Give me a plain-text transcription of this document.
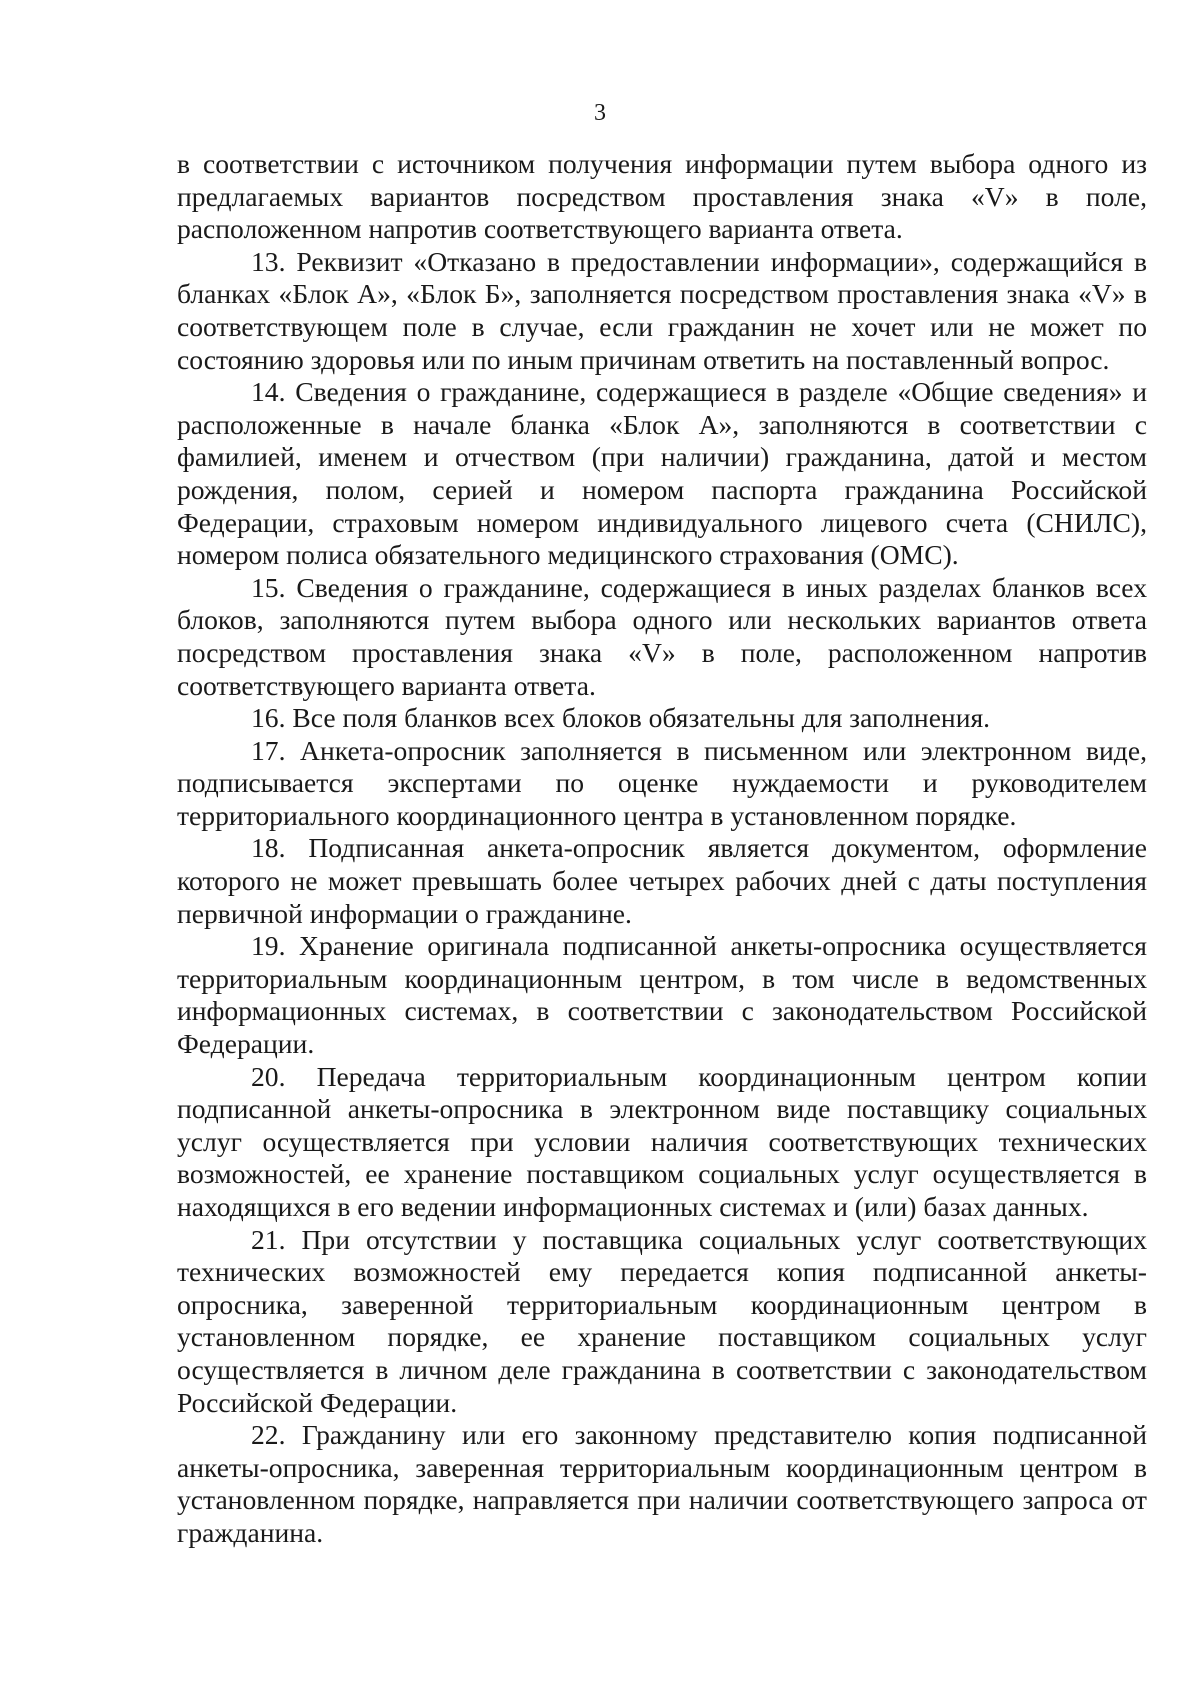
3

в соответствии с источником получения информации путем выбора одного из предлагаемых вариантов посредством проставления знака «V» в поле, расположенном напротив соответствующего варианта ответа.

13. Реквизит «Отказано в предоставлении информации», содержащийся в бланках «Блок А», «Блок Б», заполняется посредством проставления знака «V» в соответствующем поле в случае, если гражданин не хочет или не может по состоянию здоровья или по иным причинам ответить на поставленный вопрос.

14. Сведения о гражданине, содержащиеся в разделе «Общие сведения» и расположенные в начале бланка «Блок А», заполняются в соответствии с фамилией, именем и отчеством (при наличии) гражданина, датой и местом рождения, полом, серией и номером паспорта гражданина Российской Федерации, страховым номером индивидуального лицевого счета (СНИЛС), номером полиса обязательного медицинского страхования (ОМС).

15. Сведения о гражданине, содержащиеся в иных разделах бланков всех блоков, заполняются путем выбора одного или нескольких вариантов ответа посредством проставления знака «V» в поле, расположенном напротив соответствующего варианта ответа.

16. Все поля бланков всех блоков обязательны для заполнения.

17. Анкета-опросник заполняется в письменном или электронном виде, подписывается экспертами по оценке нуждаемости и руководителем территориального координационного центра в установленном порядке.

18. Подписанная анкета-опросник является документом, оформление которого не может превышать более четырех рабочих дней с даты поступления первичной информации о гражданине.

19. Хранение оригинала подписанной анкеты-опросника осуществляется территориальным координационным центром, в том числе в ведомственных информационных системах, в соответствии с законодательством Российской Федерации.

20. Передача территориальным координационным центром копии подписанной анкеты-опросника в электронном виде поставщику социальных услуг осуществляется при условии наличия соответствующих технических возможностей, ее хранение поставщиком социальных услуг осуществляется в находящихся в его ведении информационных системах и (или) базах данных.

21. При отсутствии у поставщика социальных услуг соответствующих технических возможностей ему передается копия подписанной анкеты-опросника, заверенной территориальным координационным центром в установленном порядке, ее хранение поставщиком социальных услуг осуществляется в личном деле гражданина в соответствии с законодательством Российской Федерации.

22. Гражданину или его законному представителю копия подписанной анкеты-опросника, заверенная территориальным координационным центром в установленном порядке, направляется при наличии соответствующего запроса от гражданина.
